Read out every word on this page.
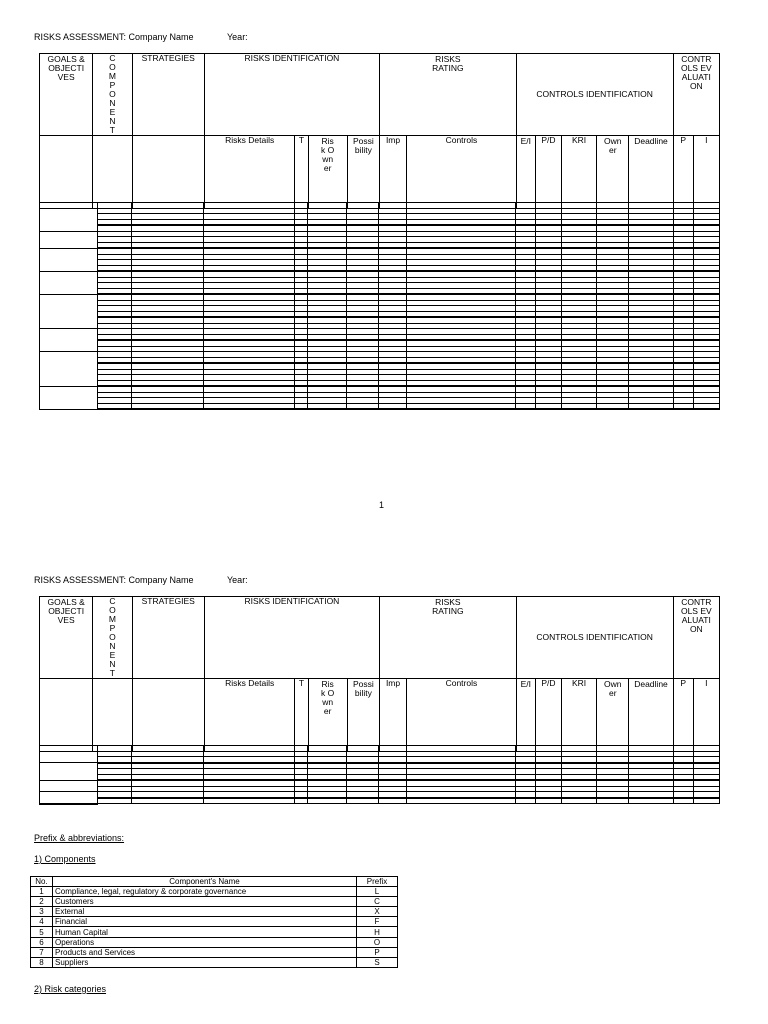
RISKS ASSESSMENT: Company Name	Year:
GOALS & OBJECTIVES	COMPONENT	STRATEGIES	RISKS IDENTIFICATION				RISKS RATING		CONTROLS IDENTIFICATION					CONTROLS EVALUATION	

			Risks Details	T	Risk Owner	Possibility	Imp	Controls	E/I	P/D	KRI	Owner	Deadline	P	I

1
RISKS ASSESSMENT: Company Name	Year:
GOALS & OBJECTIVES	COMPONENT	STRATEGIES	RISKS IDENTIFICATION				RISKS RATING		CONTROLS IDENTIFICATION					CONTROLS EVALUATION	

			Risks Details	T	Risk Owner	Possibility	Imp	Controls	E/I	P/D	KRI	Owner	Deadline	P	I

Prefix & abbreviations:
1) Components
No.	Component's Name	Prefix
1	Compliance, legal, regulatory & corporate governance	L
2	Customers	C
3	External	X
4	Financial	F
5	Human Capital	H
6	Operations	O
7	Products and Services	P
8	Suppliers	S
2) Risk categories
